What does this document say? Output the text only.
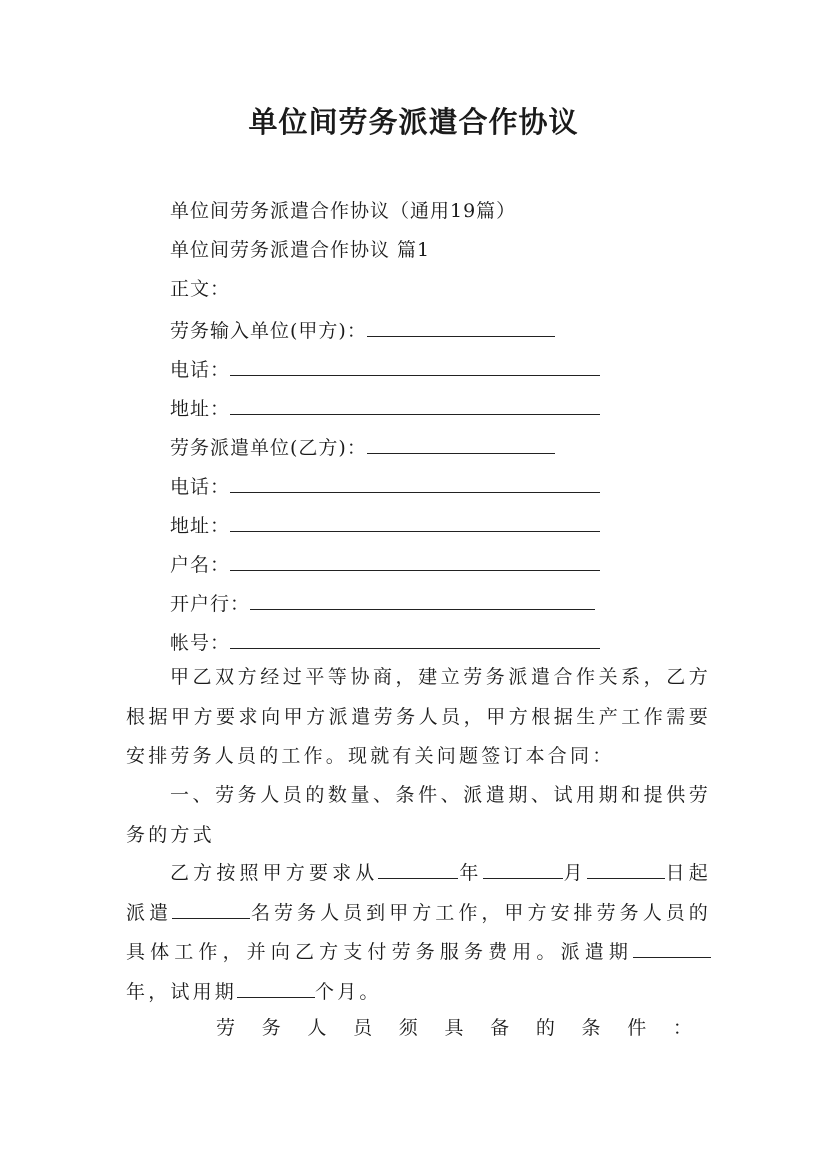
单位间劳务派遣合作协议
单位间劳务派遣合作协议（通用19篇）
单位间劳务派遣合作协议 篇1
正文：
劳务输入单位(甲方)：
电话：
地址：
劳务派遣单位(乙方)：
电话：
地址：
户名：
开户行：
帐号：

甲乙双方经过平等协商，建立劳务派遣合作关系，乙方根据甲方要求向甲方派遣劳务人员，甲方根据生产工作需要安排劳务人员的工作。现就有关问题签订本合同：

一、劳务人员的数量、条件、派遣期、试用期和提供劳务的方式

乙方按照甲方要求从	年	月	日起派遣	名劳务人员到甲方工作，甲方安排劳务人员的具体工作，并向乙方支付劳务服务费用。派遣期年，试用期	个月。

劳 务 人 员 须 具 备 的 条 件 ：
